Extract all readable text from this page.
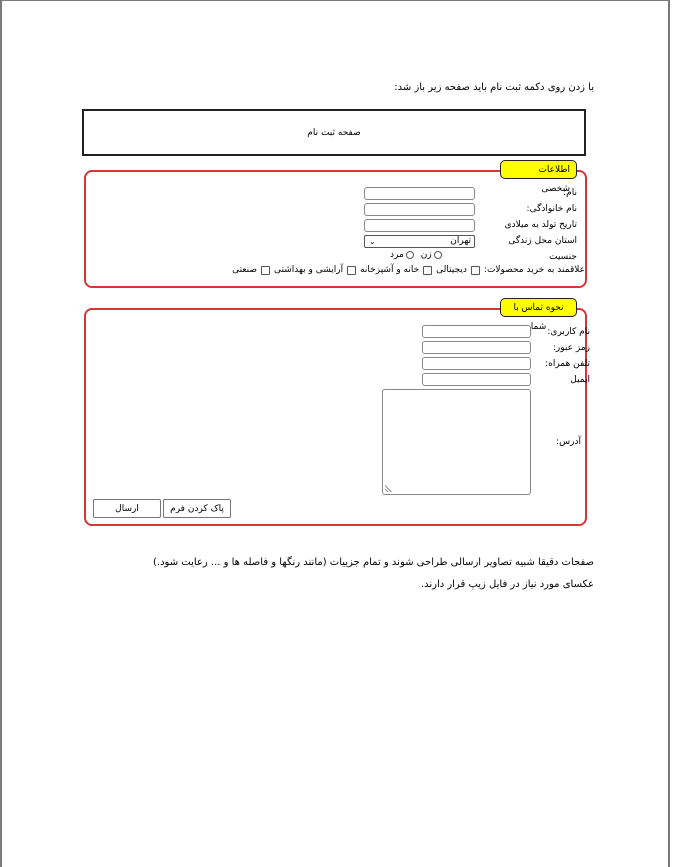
با زدن روی دکمه ثبت نام باید صفحه زیر باز شد:
صفحه ثبت نام
اطلاعات شخصی
نام:
نام خانوادگی:
تاریخ تولد به میلادی
استان محل زندگی
تهران
⌄
جنسیت
زن
مرد
علاقمند به خرید محصولات:
دیجیتالی
خانه و آشپزخانه
آرایشی و بهداشتی
صنعتی
نحوه تماس با شما نام کاربری:
رمز عبور:
تلفن همراه:
ایمیل
آدرس:
پاک کردن فرم
ارسال
صفحات دقیقا شبیه تصاویر ارسالی طراحی شوند و تمام جزییات (مانند رنگها و فاصله ها و ... رعایت شود.)
عکسای مورد نیاز در فایل زیپ قرار دارند.
